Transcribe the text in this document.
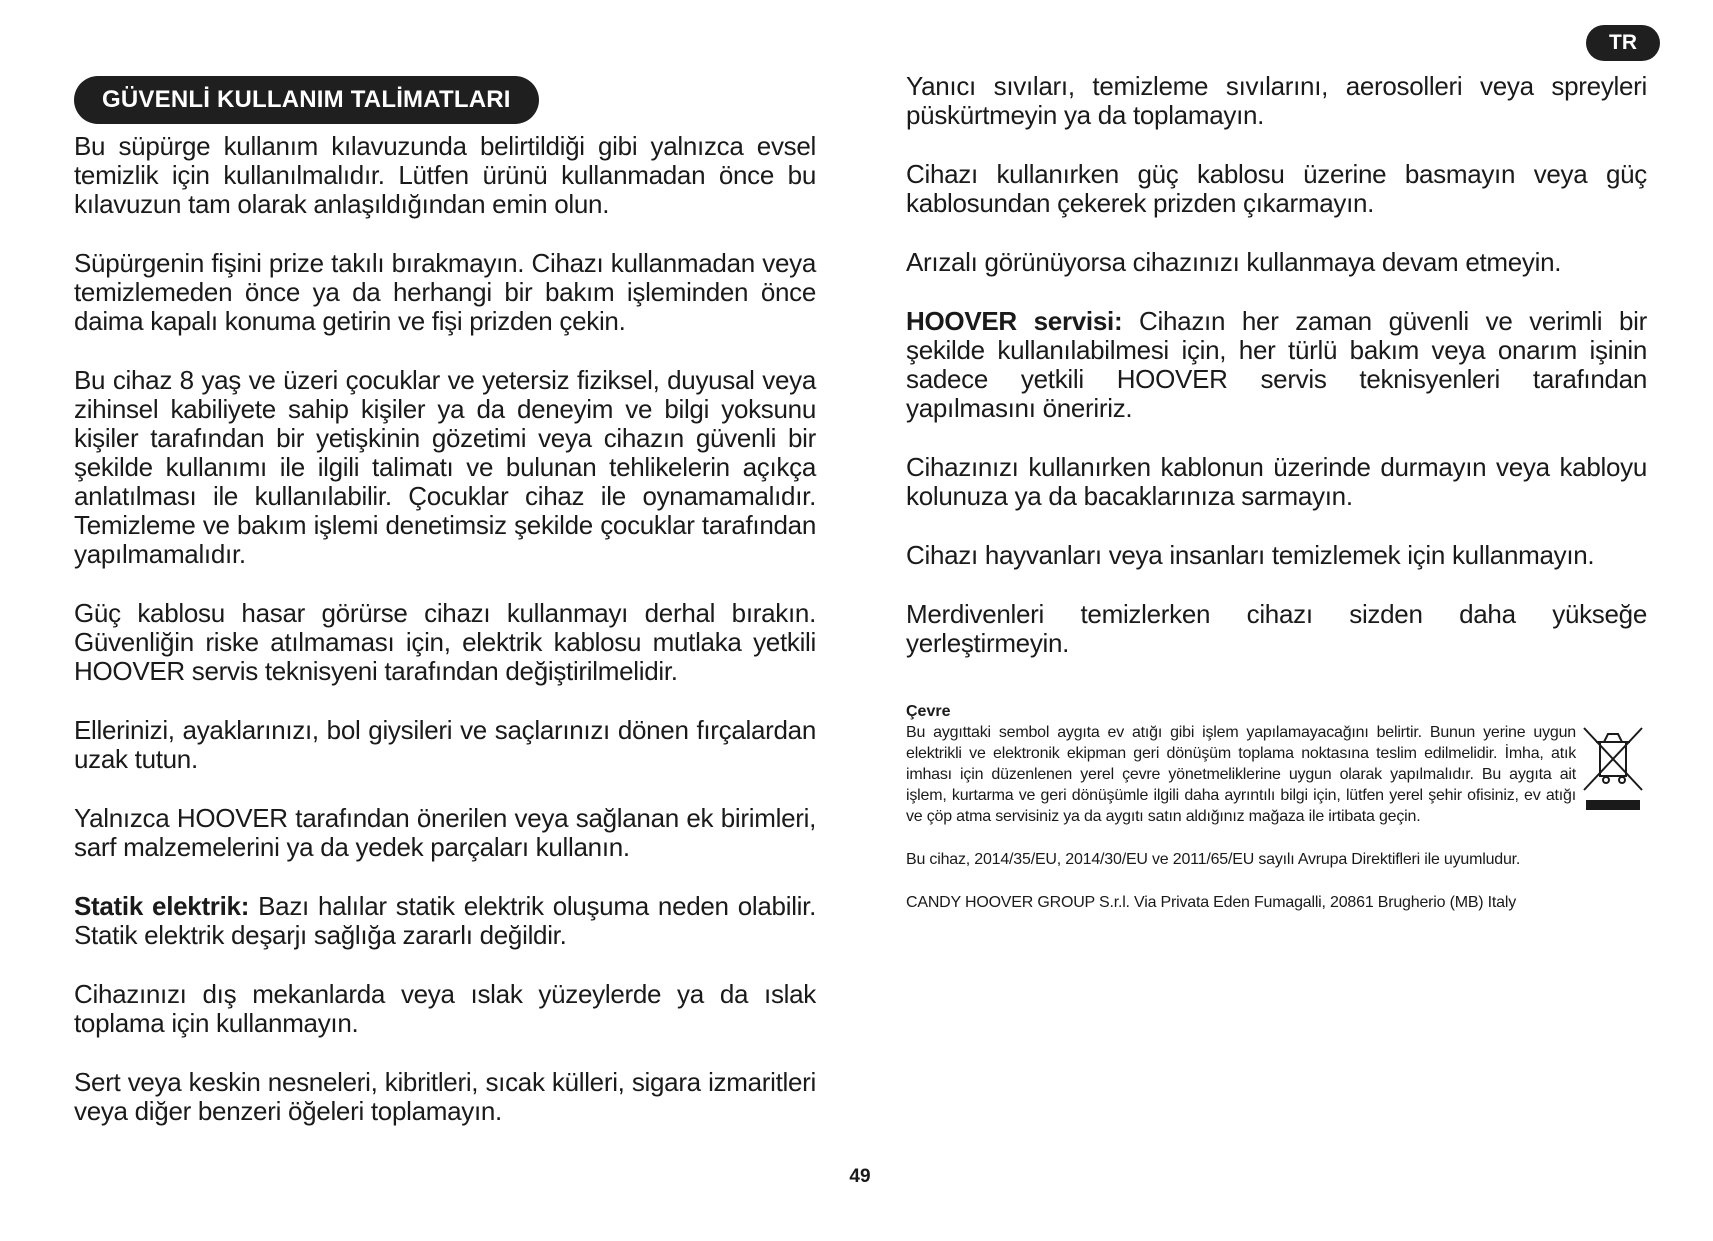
TR
GÜVENLİ KULLANIM TALİMATLARI

Bu süpürge kullanım kılavuzunda belirtildiği gibi yalnızca evsel temizlik için kullanılmalıdır. Lütfen ürünü kullanmadan önce bu kılavuzun tam olarak anlaşıldığından emin olun.

Süpürgenin fişini prize takılı bırakmayın. Cihazı kullanmadan veya temizlemeden önce ya da herhangi bir bakım işleminden önce daima kapalı konuma getirin ve fişi prizden çekin.

Bu cihaz 8 yaş ve üzeri çocuklar ve yetersiz fiziksel, duyusal veya zihinsel kabiliyete sahip kişiler ya da deneyim ve bilgi yoksunu kişiler tarafından bir yetişkinin gözetimi veya cihazın güvenli bir şekilde kullanımı ile ilgili talimatı ve bulunan tehlikelerin açıkça anlatılması ile kullanılabilir. Çocuklar cihaz ile oynamamalıdır. Temizleme ve bakım işlemi denetimsiz şekilde çocuklar tarafından yapılmamalıdır.

Güç kablosu hasar görürse cihazı kullanmayı derhal bırakın. Güvenliğin riske atılmaması için, elektrik kablosu mutlaka yetkili HOOVER servis teknisyeni tarafından değiştirilmelidir.

Ellerinizi, ayaklarınızı, bol giysileri ve saçlarınızı dönen fırçalardan uzak tutun.

Yalnızca HOOVER tarafından önerilen veya sağlanan ek birimleri, sarf malzemelerini ya da yedek parçaları kullanın.

Statik elektrik: Bazı halılar statik elektrik oluşuma neden olabilir. Statik elektrik deşarjı sağlığa zararlı değildir.

Cihazınızı dış mekanlarda veya ıslak yüzeylerde ya da ıslak toplama için kullanmayın.

Sert veya keskin nesneleri, kibritleri, sıcak külleri, sigara izmaritleri veya diğer benzeri öğeleri toplamayın.

Yanıcı sıvıları, temizleme sıvılarını, aerosolleri veya spreyleri püskürtmeyin ya da toplamayın.

Cihazı kullanırken güç kablosu üzerine basmayın veya güç kablosundan çekerek prizden çıkarmayın.

Arızalı görünüyorsa cihazınızı kullanmaya devam etmeyin.

HOOVER servisi: Cihazın her zaman güvenli ve verimli bir şekilde kullanılabilmesi için, her türlü bakım veya onarım işinin sadece yetkili HOOVER servis teknisyenleri tarafından yapılmasını öneririz.

Cihazınızı kullanırken kablonun üzerinde durmayın veya kabloyu kolunuza ya da bacaklarınıza sarmayın.

Cihazı hayvanları veya insanları temizlemek için kullanmayın.

Merdivenleri temizlerken cihazı sizden daha yükseğe yerleştirmeyin.

Çevre
Bu aygıttaki sembol aygıta ev atığı gibi işlem yapılamayacağını belirtir. Bunun yerine uygun elektrikli ve elektronik ekipman geri dönüşüm toplama noktasına teslim edilmelidir. İmha, atık imhası için düzenlenen yerel çevre yönetmeliklerine uygun olarak yapılmalıdır. Bu aygıta ait işlem, kurtarma ve geri dönüşümle ilgili daha ayrıntılı bilgi için, lütfen yerel şehir ofisiniz, ev atığı ve çöp atma servisiniz ya da aygıtı satın aldığınız mağaza ile irtibata geçin.
Bu cihaz, 2014/35/EU, 2014/30/EU ve 2011/65/EU sayılı Avrupa Direktifleri ile uyumludur.
CANDY HOOVER GROUP S.r.l. Via Privata Eden Fumagalli, 20861 Brugherio (MB) Italy
49
